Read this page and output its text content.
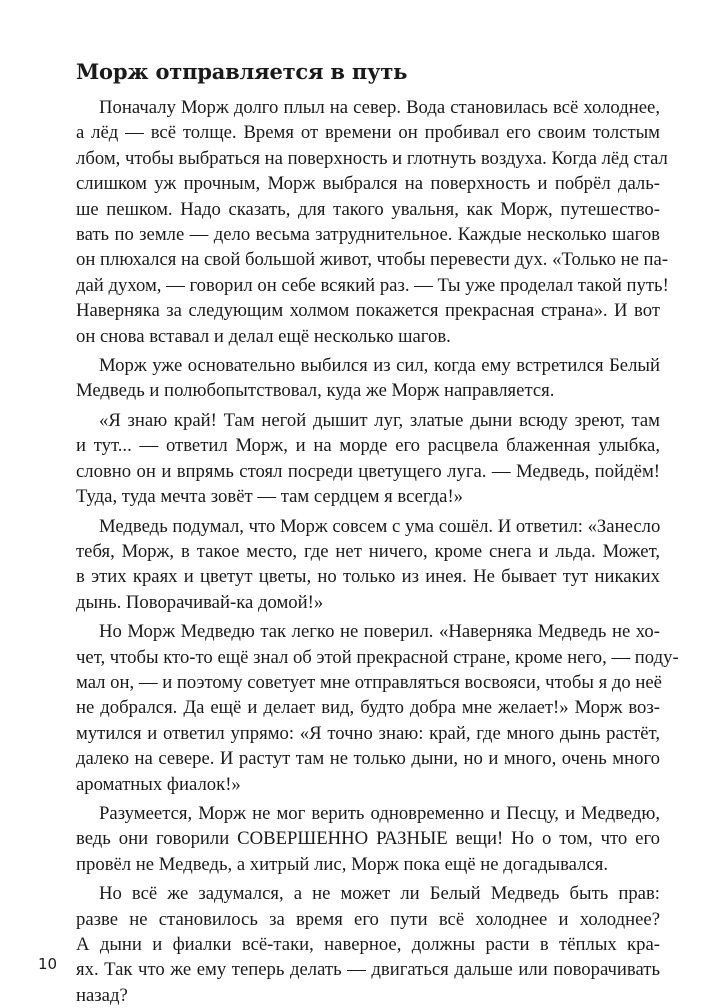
Морж отправляется в путь

Поначалу Морж долго плыл на север. Вода становилась всё холоднее,
а лёд — всё толще. Время от времени он пробивал его своим толстым
лбом, чтобы выбраться на поверхность и глотнуть воздуха. Когда лёд стал
слишком уж прочным, Морж выбрался на поверхность и побрёл даль-
ше пешком. Надо сказать, для такого увальня, как Морж, путешество-
вать по земле — дело весьма затруднительное. Каждые несколько шагов
он плюхался на свой большой живот, чтобы перевести дух. «Только не па-
дай духом, — говорил он себе всякий раз. — Ты уже проделал такой путь!
Наверняка за следующим холмом покажется прекрасная страна». И вот
он снова вставал и делал ещё несколько шагов.

Морж уже основательно выбился из сил, когда ему встретился Белый
Медведь и полюбопытствовал, куда же Морж направляется.

«Я знаю край! Там негой дышит луг, златые дыни всюду зреют, там
и тут... — ответил Морж, и на морде его расцвела блаженная улыбка,
словно он и впрямь стоял посреди цветущего луга. — Медведь, пойдём!
Туда, туда мечта зовёт — там сердцем я всегда!»

Медведь подумал, что Морж совсем с ума сошёл. И ответил: «Занесло
тебя, Морж, в такое место, где нет ничего, кроме снега и льда. Может,
в этих краях и цветут цветы, но только из инея. Не бывает тут никаких
дынь. Поворачивай-ка домой!»

Но Морж Медведю так легко не поверил. «Наверняка Медведь не хо-
чет, чтобы кто-то ещё знал об этой прекрасной стране, кроме него, — поду-
мал он, — и поэтому советует мне отправляться восвояси, чтобы я до неё
не добрался. Да ещё и делает вид, будто добра мне желает!» Морж воз-
мутился и ответил упрямо: «Я точно знаю: край, где много дынь растёт,
далеко на севере. И растут там не только дыни, но и много, очень много
ароматных фиалок!»

Разумеется, Морж не мог верить одновременно и Песцу, и Медведю,
ведь они говорили СОВЕРШЕННО РАЗНЫЕ вещи! Но о том, что его
провёл не Медведь, а хитрый лис, Морж пока ещё не догадывался.

Но всё же задумался, а не может ли Белый Медведь быть прав:
разве не становилось за время его пути всё холоднее и холоднее?
А дыни и фиалки всё-таки, наверное, должны расти в тёплых кра-
ях. Так что же ему теперь делать — двигаться дальше или поворачивать
назад?

10
